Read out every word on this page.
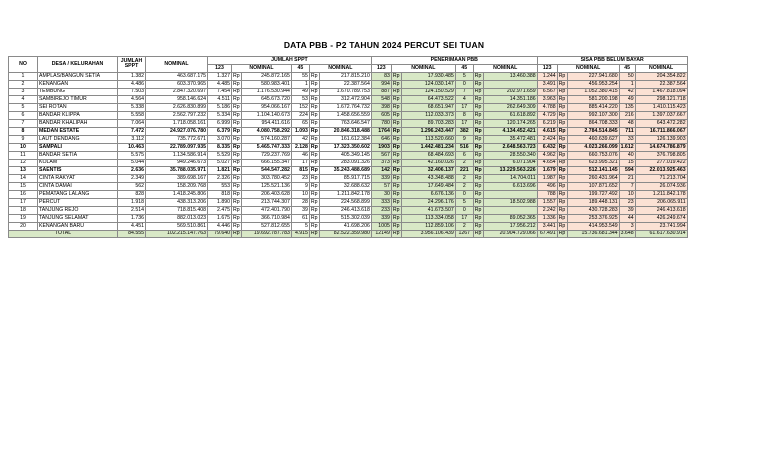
DATA PBB - P2 TAHUN 2024 PERCUT SEI TUAN
NO	DESA / KELURAHAN	JUMLAH SPPT	NOMINAL	JUMLAH SPPT						PENERIMAAN PBB						SISA PBB BELUM BAYAR				
				123	NOMINAL		45	NOMINAL		123	NOMINAL		45	NOMINAL		123	NOMINAL		45	NOMINAL
1	AMPLAS/BANGUN SETIA	1.382	463.687.175	1.327	Rp	245.872.165	55	Rp	217.815.210	83	Rp	17.930.485	5	Rp	13.460.388	1.244	Rp	227.941.680	50	204.354.822
2	KENANGAN	4.486	603.370.965	4.485	Rp	580.983.401	1	Rp	22.387.564	994	Rp	124.030.147	0	Rp		3.491	Rp	456.953.254	1	22.387.564
3	TEMBUNG	7.503	2.847.320.697	7.454	Rp	1.176.530.944	49	Rp	1.670.789.753	887	Rp	124.150.529	7	Rp	202.971.659	6.567	Rp	1.052.380.415	42	1.467.818.094
4	SAMBIREJO TIMUR	4.564	958.146.624	4.511	Rp	645.673.720	53	Rp	312.472.904	548	Rp	64.473.522	4	Rp	14.351.186	3.963	Rp	581.200.198	49	298.121.718
5	SEI ROTAN	5.338	2.626.830.899	5.186	Rp	954.066.167	152	Rp	1.672.764.732	398	Rp	68.651.947	17	Rp	262.649.309	4.788	Rp	885.414.220	135	1.410.115.423
6	BANDAR KLIPPA	5.558	2.562.797.232	5.334	Rp	1.104.140.673	224	Rp	1.458.656.559	605	Rp	112.033.373	8	Rp	61.618.892	4.729	Rp	992.107.300	216	1.397.037.667
7	BANDAR KHALIPAH	7.064	1.718.058.161	6.999	Rp	954.411.616	65	Rp	763.646.547	780	Rp	89.703.283	17	Rp	120.174.265	6.219	Rp	864.708.333	48	643.472.282
8	MEDAN ESTATE	7.472	24.927.076.780	6.379	Rp	4.080.758.292	1.093	Rp	20.846.318.488	1764	Rp	1.296.243.447	382	Rp	4.134.452.421	4.615	Rp	2.784.514.845	711	16.711.866.067
9	LAUT DENDANG	3.112	735.772.671	3.070	Rp	574.160.287	42	Rp	161.612.384	646	Rp	113.520.660	9	Rp	35.472.481	2.424	Rp	460.639.627	33	126.139.903
10	SAMPALI	10.463	22.789.097.935	8.335	Rp	5.465.747.333	2.128	Rp	17.323.350.602	1903	Rp	1.442.481.234	516	Rp	2.648.563.723	6.432	Rp	4.023.266.099	1.612	14.674.786.879
11	BANDAR SETIA	5.575	1.134.586.914	5.529	Rp	729.237.769	46	Rp	405.349.145	567	Rp	68.484.693	6	Rp	28.550.340	4.962	Rp	660.753.076	40	376.798.805
12	KOLAM	5.044	949.246.673	5.027	Rp	666.155.347	17	Rp	283.091.326	373	Rp	42.160.026	2	Rp	6.071.904	4.654	Rp	623.995.321	15	277.019.422
13	SAENTIS	2.636	35.788.035.971	1.821	Rp	544.547.282	815	Rp	35.243.488.689	142	Rp	32.406.137	221	Rp	13.229.563.226	1.679	Rp	512.141.145	594	22.013.925.463
14	CINTA RAKYAT	2.349	389.698.167	2.326	Rp	303.780.452	23	Rp	85.917.715	339	Rp	43.348.488	2	Rp	14.704.011	1.987	Rp	260.431.964	21	71.213.704
15	CINTA DAMAI	562	158.209.768	553	Rp	125.521.136	9	Rp	32.688.632	57	Rp	17.649.484	2	Rp	6.613.696	496	Rp	107.871.652	7	26.074.936
16	PEMATANG LALANG	828	1.418.245.806	818	Rp	206.403.628	10	Rp	1.211.842.178	30	Rp	6.676.136	0	Rp		788	Rp	199.727.492	10	1.211.842.178
17	PERCUT	1.918	438.313.206	1.890	Rp	213.744.307	28	Rp	224.568.899	333	Rp	24.296.176	5	Rp	18.502.988	1.557	Rp	189.448.131	23	206.065.911
18	TANJUNG REJO	2.514	718.815.408	2.475	Rp	472.401.790	39	Rp	246.413.618	233	Rp	41.673.507	0	Rp		2.242	Rp	430.728.283	39	246.413.618
19	TANJUNG SELAMAT	1.736	882.013.023	1.675	Rp	366.710.984	61	Rp	515.302.039	339	Rp	113.334.058	17	Rp	89.052.365	1.336	Rp	253.376.925	44	426.249.674
20	KENANGAN BARU	4.451	569.510.861	4.446	Rp	527.812.655	5	Rp	41.698.206	1005	Rp	112.859.106	2	Rp	17.956.212	3.441	Rp	414.953.549	3	23.741.994
TOTAL		84.555	102.215.147.763	79.640	Rp	19.692.787.783	4.915	Rp	82.522.359.980	12149	Rp	3.956.106.439	1267	Rp	20.904.729.066	67.491	Rp	15.736.681.344	3.648	61.617.630.914
